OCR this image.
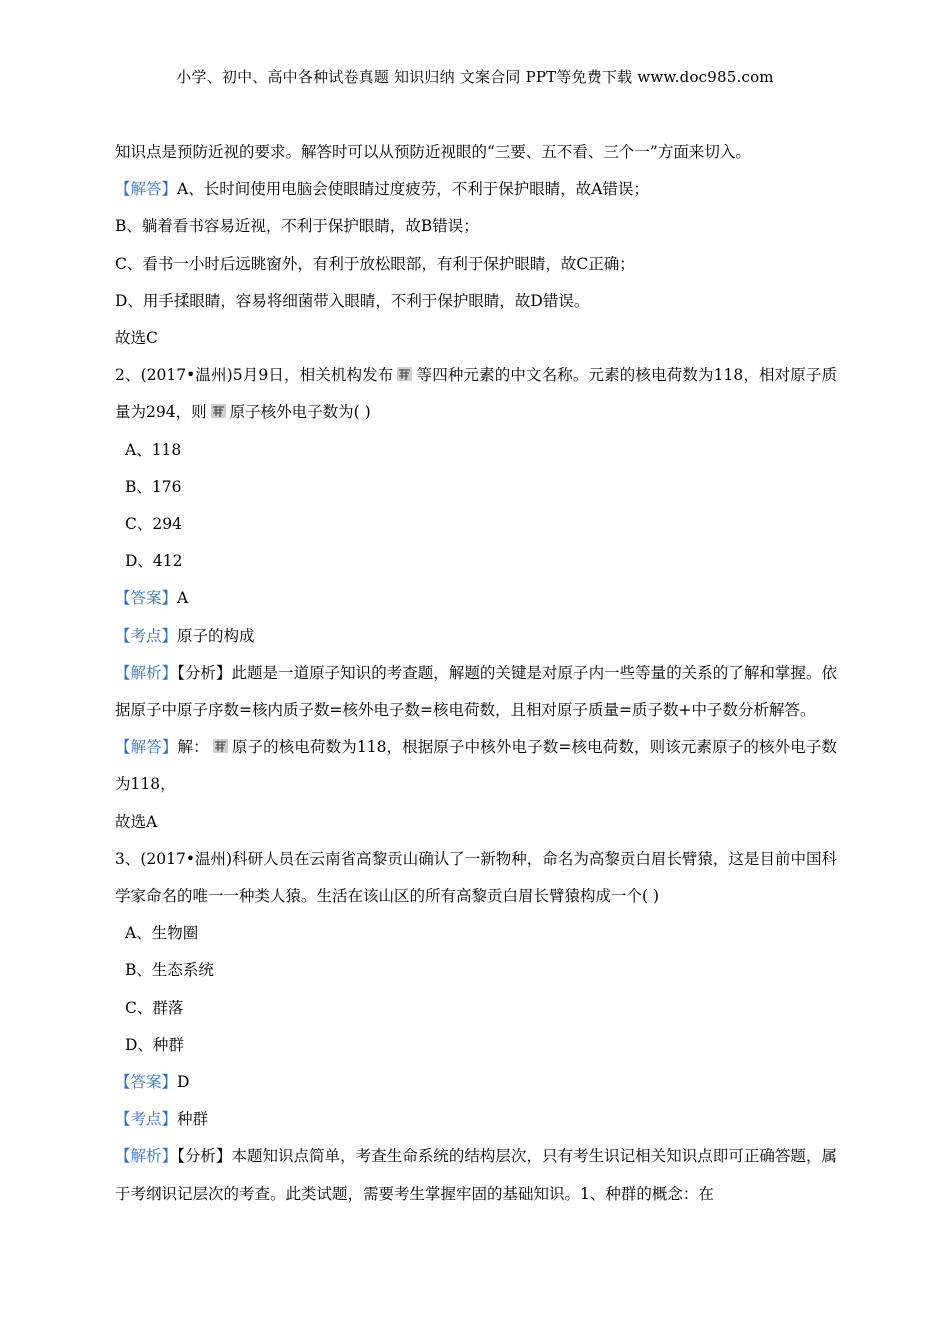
小学、初中、高中各种试卷真题 知识归纳 文案合同 PPT等免费下载 www.doc985.com

知识点是预防近视的要求。解答时可以从预防近视眼的“三要、五不看、三个一”方面来切入。

【解答】A、长时间使用电脑会使眼睛过度疲劳，不利于保护眼睛，故A错误；

B、躺着看书容易近视，不利于保护眼睛，故B错误；

C、看书一小时后远眺窗外，有利于放松眼部，有利于保护眼睛，故C正确；

D、用手揉眼睛，容易将细菌带入眼睛，不利于保护眼睛，故D错误。

故选C

2、(2017•温州)5月9日，相关机构发布 等四种元素的中文名称。元素的核电荷数为118，相对原子质量为294，则 原子核外电子数为( )

A、118

B、176

C、294

D、412

【答案】A

【考点】原子的构成

【解析】【分析】此题是一道原子知识的考查题，解题的关键是对原子内一些等量的关系的了解和掌握。依据原子中原子序数=核内质子数=核外电子数=核电荷数，且相对原子质量=质子数+中子数分析解答。

【解答】解： 原子的核电荷数为118，根据原子中核外电子数=核电荷数，则该元素原子的核外电子数为118，

故选A

3、(2017•温州)科研人员在云南省高黎贡山确认了一新物种，命名为高黎贡白眉长臂猿，这是目前中国科学家命名的唯一一种类人猿。生活在该山区的所有高黎贡白眉长臂猿构成一个( )

A、生物圈

B、生态系统

C、群落

D、种群

【答案】D

【考点】种群

【解析】【分析】本题知识点简单，考查生命系统的结构层次，只有考生识记相关知识点即可正确答题，属于考纲识记层次的考查。此类试题，需要考生掌握牢固的基础知识。1、种群的概念：在
